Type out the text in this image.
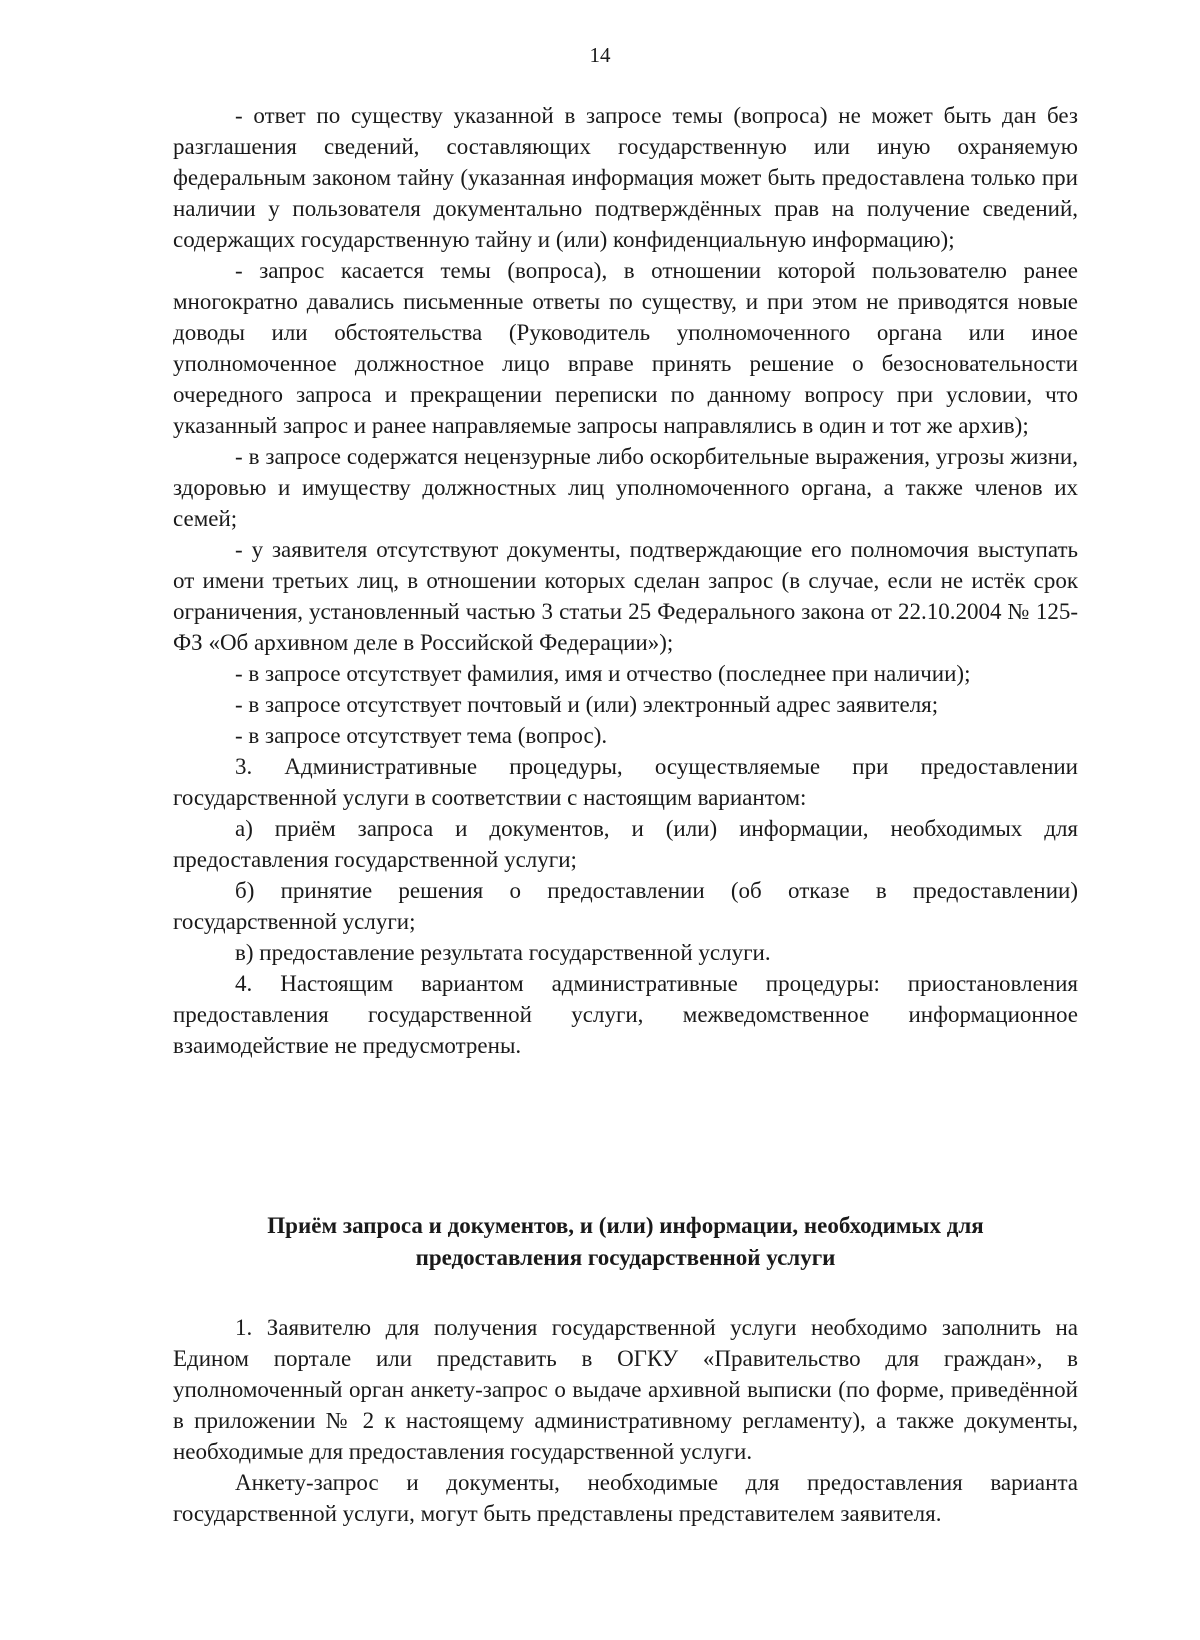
14

- ответ по существу указанной в запросе темы (вопроса) не может быть дан без разглашения сведений, составляющих государственную или иную охраняемую федеральным законом тайну (указанная информация может быть предоставлена только при наличии у пользователя документально подтверждённых прав на получение сведений, содержащих государственную тайну и (или) конфиденциальную информацию);

- запрос касается темы (вопроса), в отношении которой пользователю ранее многократно давались письменные ответы по существу, и при этом не приводятся новые доводы или обстоятельства (Руководитель уполномоченного органа или иное уполномоченное должностное лицо вправе принять решение о безосновательности очередного запроса и прекращении переписки по данному вопросу при условии, что указанный запрос и ранее направляемые запросы направлялись в один и тот же архив);

- в запросе содержатся нецензурные либо оскорбительные выражения, угрозы жизни, здоровью и имуществу должностных лиц уполномоченного органа, а также членов их семей;

- у заявителя отсутствуют документы, подтверждающие его полномочия выступать от имени третьих лиц, в отношении которых сделан запрос (в случае, если не истёк срок ограничения, установленный частью 3 статьи 25 Федерального закона от 22.10.2004 № 125-ФЗ «Об архивном деле в Российской Федерации»);

- в запросе отсутствует фамилия, имя и отчество (последнее при наличии);

- в запросе отсутствует почтовый и (или) электронный адрес заявителя;

- в запросе отсутствует тема (вопрос).

3. Административные процедуры, осуществляемые при предоставлении государственной услуги в соответствии с настоящим вариантом:

а) приём запроса и документов, и (или) информации, необходимых для предоставления государственной услуги;

б) принятие решения о предоставлении (об отказе в предоставлении) государственной услуги;

в) предоставление результата государственной услуги.

4. Настоящим вариантом административные процедуры: приостановления предоставления государственной услуги, межведомственное информационное взаимодействие не предусмотрены.

Приём запроса и документов, и (или) информации, необходимых для
предоставления государственной услуги

1. Заявителю для получения государственной услуги необходимо заполнить на Едином портале или представить в ОГКУ «Правительство для граждан», в уполномоченный орган анкету-запрос о выдаче архивной выписки (по форме, приведённой в приложении № 2 к настоящему административному регламенту), а также документы, необходимые для предоставления государственной услуги.

Анкету-запрос и документы, необходимые для предоставления варианта государственной услуги, могут быть представлены представителем заявителя.
